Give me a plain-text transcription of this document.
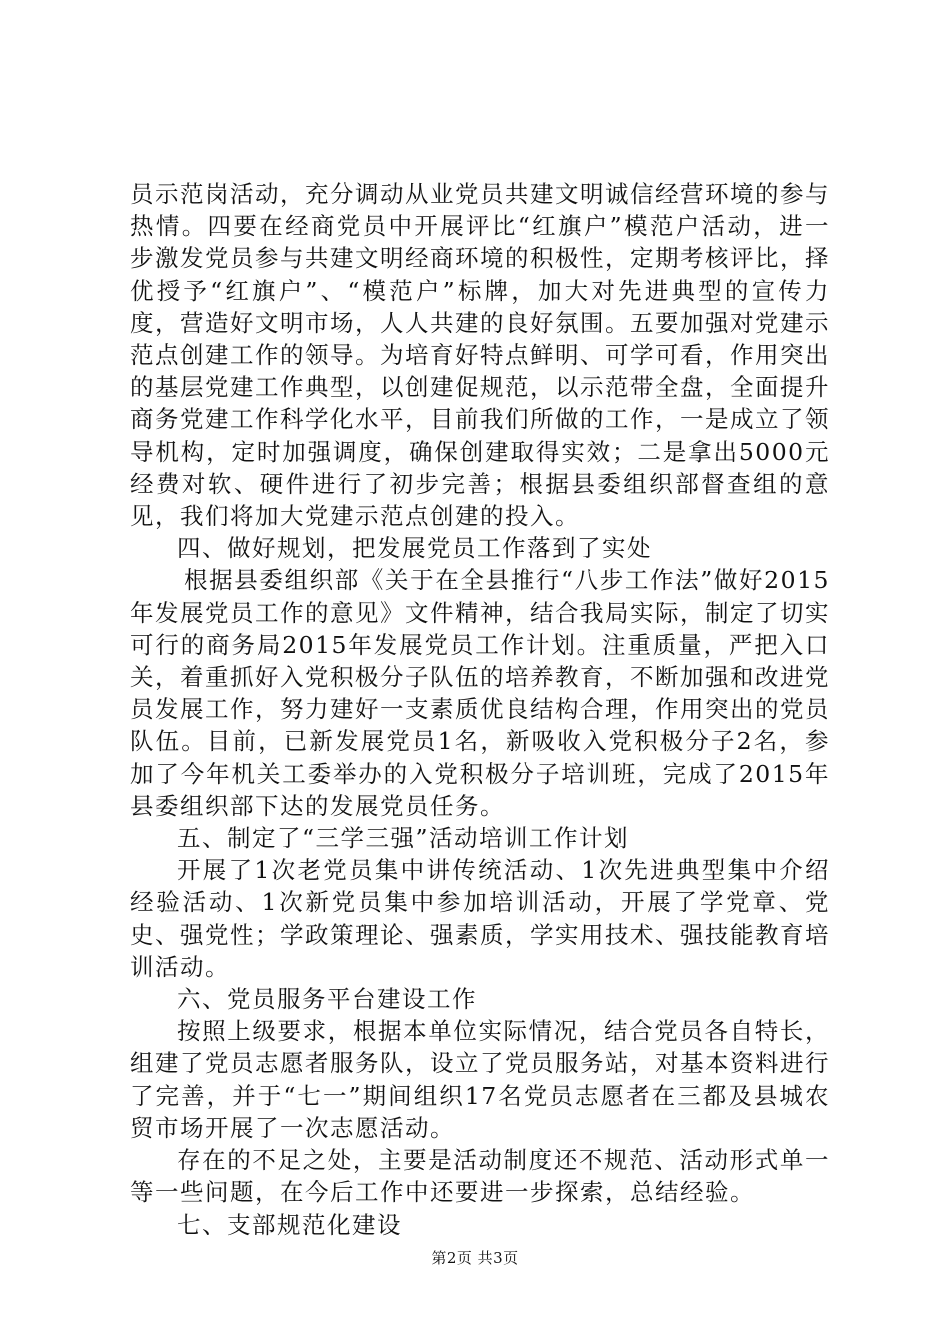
员示范岗活动，充分调动从业党员共建文明诚信经营环境的参与热情。四要在经商党员中开展评比“红旗户”模范户活动，进一步激发党员参与共建文明经商环境的积极性，定期考核评比，择优授予“红旗户”、“模范户”标牌，加大对先进典型的宣传力度，营造好文明市场，人人共建的良好氛围。五要加强对党建示范点创建工作的领导。为培育好特点鲜明、可学可看，作用突出的基层党建工作典型，以创建促规范，以示范带全盘，全面提升商务党建工作科学化水平，目前我们所做的工作，一是成立了领导机构，定时加强调度，确保创建取得实效；二是拿出5000元经费对软、硬件进行了初步完善；根据县委组织部督查组的意见，我们将加大党建示范点创建的投入。

四、做好规划，把发展党员工作落到了实处

根据县委组织部《关于在全县推行“八步工作法”做好2015年发展党员工作的意见》文件精神，结合我局实际，制定了切实可行的商务局2015年发展党员工作计划。注重质量，严把入口关，着重抓好入党积极分子队伍的培养教育，不断加强和改进党员发展工作，努力建好一支素质优良结构合理，作用突出的党员队伍。目前，已新发展党员1名，新吸收入党积极分子2名，参加了今年机关工委举办的入党积极分子培训班，完成了2015年县委组织部下达的发展党员任务。

五、制定了“三学三强”活动培训工作计划

开展了1次老党员集中讲传统活动、1次先进典型集中介绍经验活动、1次新党员集中参加培训活动，开展了学党章、党史、强党性；学政策理论、强素质，学实用技术、强技能教育培训活动。

六、党员服务平台建设工作

按照上级要求，根据本单位实际情况，结合党员各自特长，组建了党员志愿者服务队，设立了党员服务站，对基本资料进行了完善，并于“七一”期间组织17名党员志愿者在三都及县城农贸市场开展了一次志愿活动。

存在的不足之处，主要是活动制度还不规范、活动形式单一等一些问题，在今后工作中还要进一步探索，总结经验。

七、支部规范化建设

第2页 共3页
